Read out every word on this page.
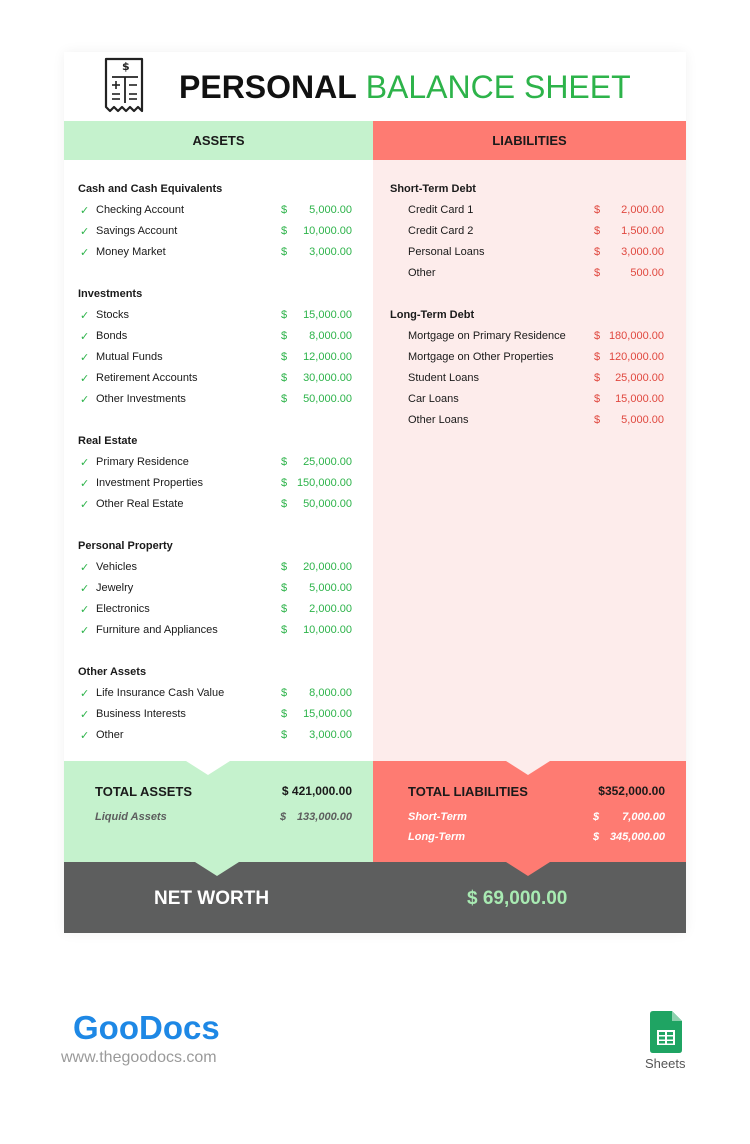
$
PERSONAL BALANCE SHEET
ASSETS	LIABILITIES
Cash and Cash Equivalents
✓ Checking Account	$	5,000.00
✓ Savings Account	$	10,000.00
✓ Money Market	$	3,000.00
Investments
✓ Stocks	$	15,000.00
✓ Bonds	$	8,000.00
✓ Mutual Funds	$	12,000.00
✓ Retirement Accounts	$	30,000.00
✓ Other Investments	$	50,000.00
Real Estate
✓ Primary Residence	$	25,000.00
✓ Investment Properties	$ 150,000.00
✓ Other Real Estate	$	50,000.00
Personal Property
✓ Vehicles	$	20,000.00
✓ Jewelry	$	5,000.00
✓ Electronics	$	2,000.00
✓ Furniture and Appliances	$	10,000.00
Other Assets
✓ Life Insurance Cash Value	$	8,000.00
✓ Business Interests	$	15,000.00
✓ Other	$	3,000.00
Short-Term Debt
Credit Card 1	$	2,000.00
Credit Card 2	$	1,500.00
Personal Loans	$	3,000.00
Other	$	500.00
Long-Term Debt
Mortgage on Primary Residence	$ 180,000.00
Mortgage on Other Properties	$ 120,000.00
Student Loans	$	25,000.00
Car Loans	$	15,000.00
Other Loans	$	5,000.00
TOTAL ASSETS	$ 421,000.00
Liquid Assets	$ 133,000.00
TOTAL LIABILITIES	$352,000.00
Short-Term	$	7,000.00
Long-Term	$ 345,000.00
NET WORTH	$ 69,000.00
GooDocs
www.thegoodocs.com	Sheets
